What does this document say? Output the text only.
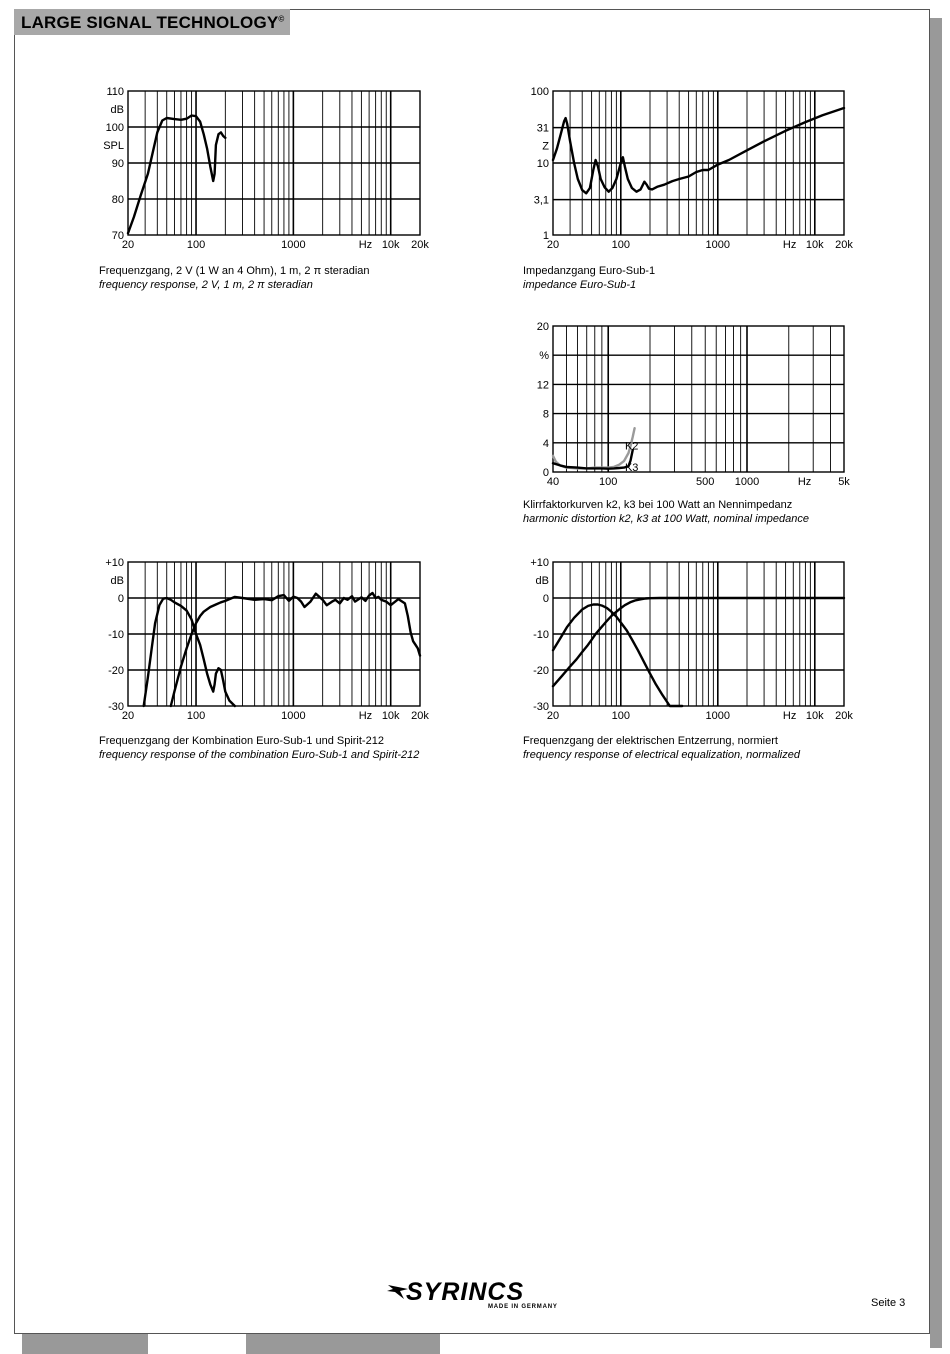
LARGE SIGNAL TECHNOLOGY©
20	100	1000	10k 20k
Hz
110
100
90
80
70
dB
SPL
Frequenzgang, 2 V (1 W an 4 Ohm), 1 m, 2 π steradian
frequency response, 2 V, 1 m, 2 π steradian
20	100	1000	10k 20k
Hz
100
31
10
3,1
1
Z
Impedanzgang Euro-Sub-1
impedance Euro-Sub-1
K2
K3
40	100	500 1000	5k
Hz
20
12
8
4
0
%
Klirrfaktorkurven k2, k3 bei 100 Watt an Nennimpedanz
harmonic distortion k2, k3 at 100 Watt, nominal impedance
20	100	1000	10k 20k
Hz
+10
0
-10
-20
-30
dB
Frequenzgang der Kombination Euro-Sub-1 und Spirit-212
frequency response of the combination Euro-Sub-1 and Spirit-212
20	100	1000	10k 20k
Hz
+10
0
-10
-20
-30
dB
Frequenzgang der elektrischen Entzerrung, normiert
frequency response of electrical equalization, normalized
SYRINCS
MADE IN GERMANY	Seite 3
